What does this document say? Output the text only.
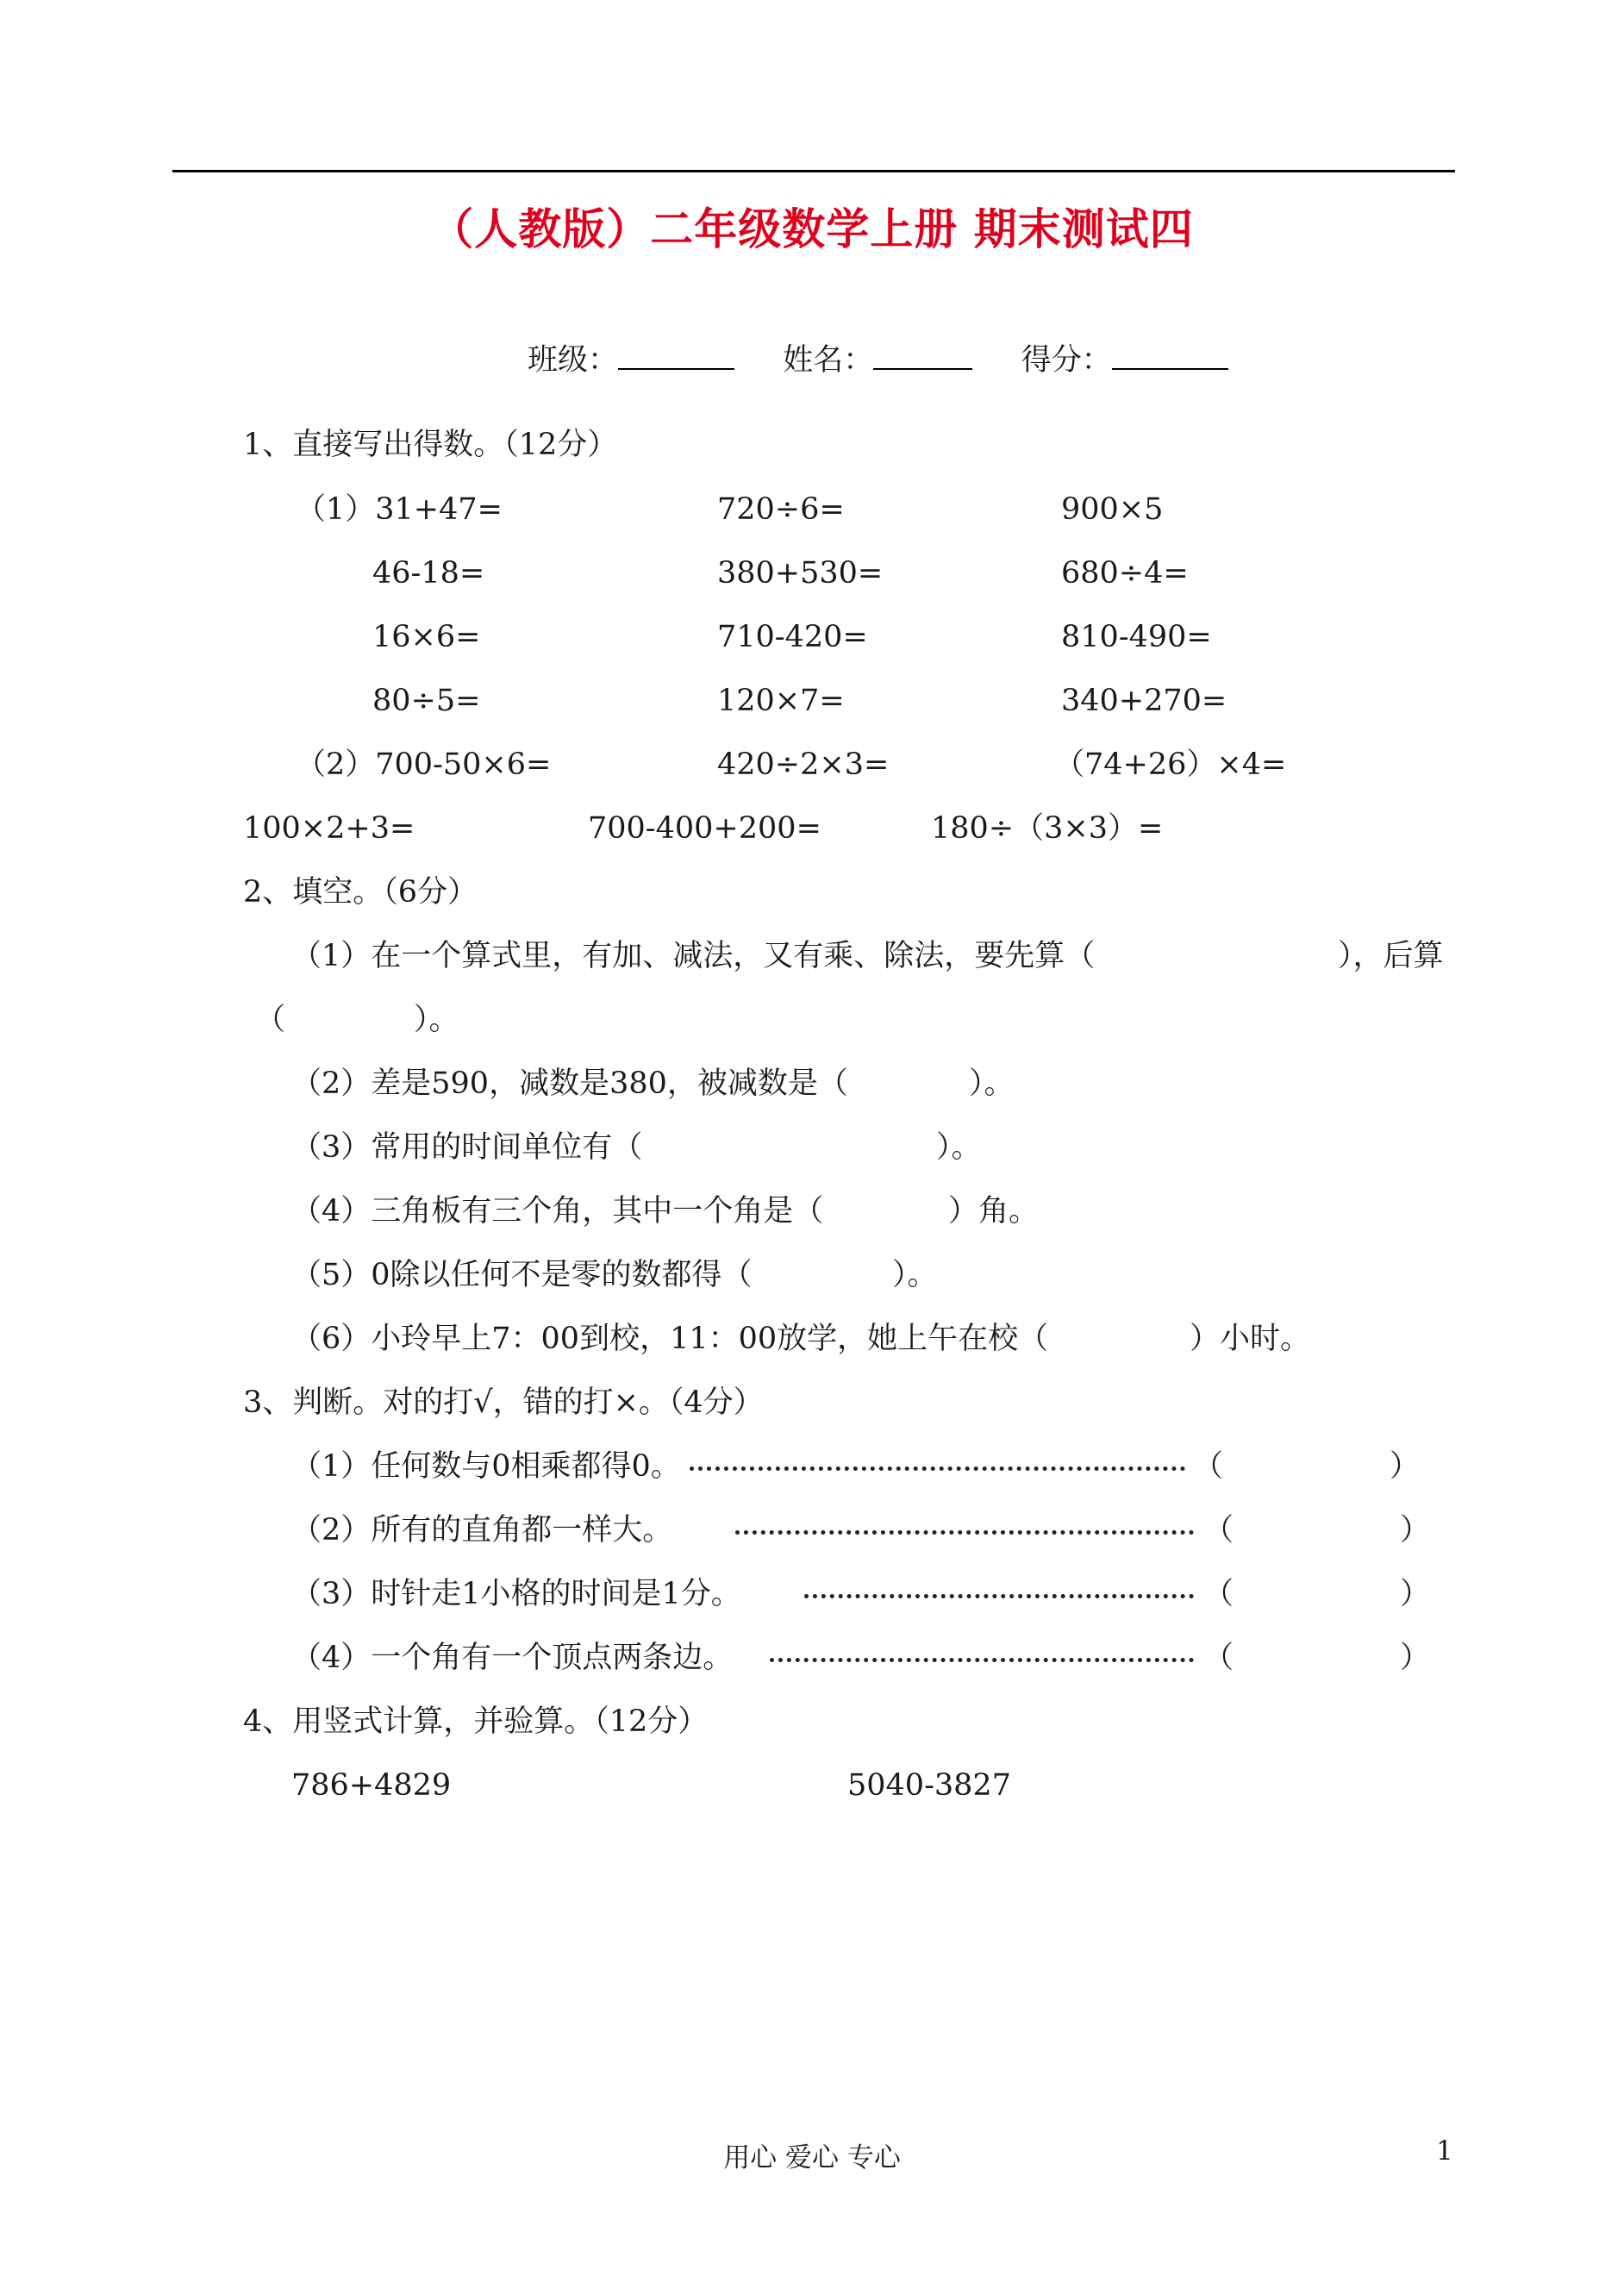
（人教版）二年级数学上册 期末测试四
班级：	姓名：	得分：
1、直接写出得数。（12分）
（1）31+47=	720÷6=	900×5
46-18=	380+530=	680÷4=
16×6=	710-420=	810-490=
80÷5=	120×7=	340+270=
（2）700-50×6=	420÷2×3=	（74+26）×4=
100×2+3=	700-400+200=	180÷（3×3）=
2、填空。（6分）
（1）在一个算式里，有加、减法，又有乘、除法，要先算（	），后算
（	）。
（2）差是590，减数是380，被减数是（	）。
（3）常用的时间单位有（	）。
（4）三角板有三个角，其中一个角是（	）角。
（5）0除以任何不是零的数都得（	）。
（6）小玲早上7：00到校，11：00放学，她上午在校（	）小时。
3、判断。对的打√，错的打×。（4分）
（1）任何数与0相乘都得0。	（	）
（2）所有的直角都一样大。	（	）
（3）时针走1小格的时间是1分。	（	）
（4）一个角有一个顶点两条边。	（	）
4、用竖式计算，并验算。（12分）
786+4829	5040-3827
用心 爱心 专心	1
